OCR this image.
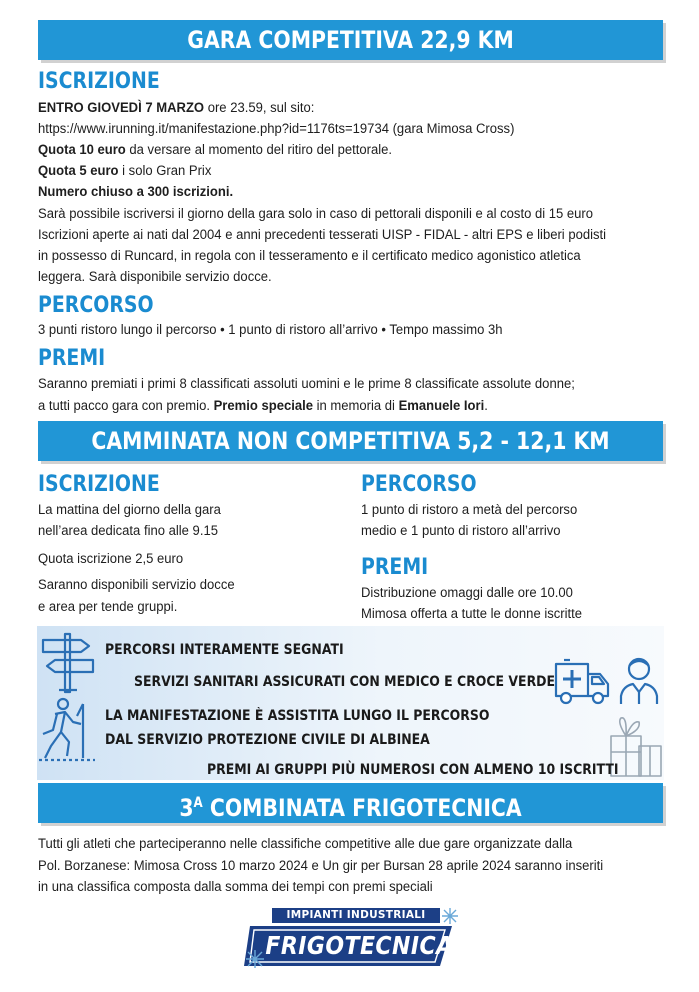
GARA COMPETITIVA 22,9 KM
ISCRIZIONE
ENTRO GIOVEDÌ 7 MARZO ore 23.59, sul sito:
https://www.irunning.it/manifestazione.php?id=1176ts=19734 (gara Mimosa Cross)
Quota 10 euro da versare al momento del ritiro del pettorale.
Quota 5 euro i solo Gran Prix
Numero chiuso a 300 iscrizioni.
Sarà possibile iscriversi il giorno della gara solo in caso di pettorali disponili e al costo di 15 euro
Iscrizioni aperte ai nati dal 2004 e anni precedenti tesserati UISP - FIDAL - altri EPS e liberi podisti
in possesso di Runcard, in regola con il tesseramento e il certificato medico agonistico atletica
leggera. Sarà disponibile servizio docce.
PERCORSO
3 punti ristoro lungo il percorso • 1 punto di ristoro all’arrivo • Tempo massimo 3h
PREMI
Saranno premiati i primi 8 classificati assoluti uomini e le prime 8 classificate assolute donne;
a tutti pacco gara con premio. Premio speciale in memoria di Emanuele Iori.
CAMMINATA NON COMPETITIVA 5,2 - 12,1 KM
ISCRIZIONE
La mattina del giorno della gara
nell’area dedicata fino alle 9.15
Quota iscrizione 2,5 euro
Saranno disponibili servizio docce
e area per tende gruppi.
PERCORSO
1 punto di ristoro a metà del percorso
medio e 1 punto di ristoro all’arrivo
PREMI
Distribuzione omaggi dalle ore 10.00
Mimosa offerta a tutte le donne iscritte
PERCORSI INTERAMENTE SEGNATI
SERVIZI SANITARI ASSICURATI CON MEDICO E CROCE VERDE
LA MANIFESTAZIONE È ASSISTITA LUNGO IL PERCORSO
DAL SERVIZIO PROTEZIONE CIVILE DI ALBINEA
PREMI AI GRUPPI PIÙ NUMEROSI CON ALMENO 10 ISCRITTI
$3^A$ COMBINATA FRIGOTECNICA
Tutti gli atleti che parteciperanno nelle classifiche competitive alle due gare organizzate dalla
Pol. Borzanese: Mimosa Cross 10 marzo 2024 e Un gir per Bursan 28 aprile 2024 saranno inseriti
in una classifica composta dalla somma dei tempi con premi speciali
IMPIANTI INDUSTRIALI
FRIGOTECNICA
